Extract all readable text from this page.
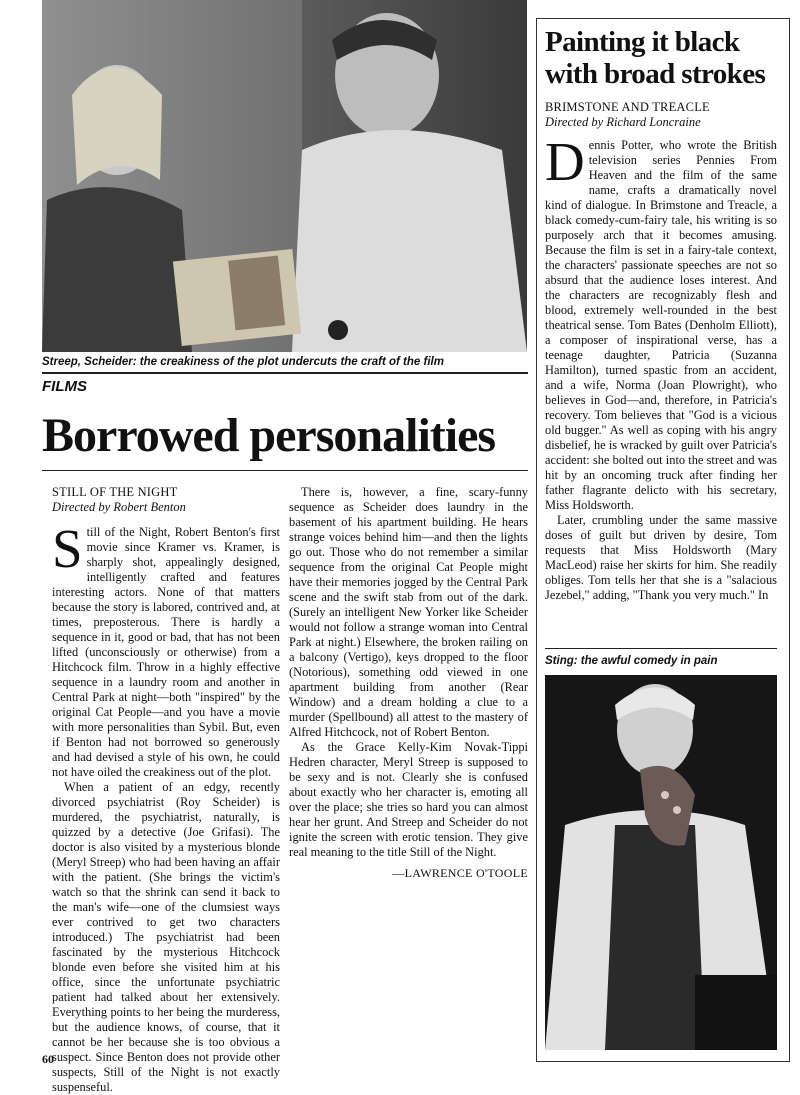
Streep, Scheider: the creakiness of the plot undercuts the craft of the film
FILMS
Borrowed personalities
STILL OF THE NIGHT
Directed by Robert Benton

Still of the Night, Robert Benton's first movie since Kramer vs. Kramer, is sharply shot, appealingly designed, intelligently crafted and features interesting actors. None of that matters because the story is labored, contrived and, at times, preposterous. There is hardly a sequence in it, good or bad, that has not been lifted (unconsciously or otherwise) from a Hitchcock film. Throw in a highly effective sequence in a laundry room and another in Central Park at night—both "inspired" by the original Cat People—and you have a movie with more personalities than Sybil. But, even if Benton had not borrowed so generously and had devised a style of his own, he could not have oiled the creakiness out of the plot.

When a patient of an edgy, recently divorced psychiatrist (Roy Scheider) is murdered, the psychiatrist, naturally, is quizzed by a detective (Joe Grifasi). The doctor is also visited by a mysterious blonde (Meryl Streep) who had been having an affair with the patient. (She brings the victim's watch so that the shrink can send it back to the man's wife—one of the clumsiest ways ever contrived to get two characters introduced.) The psychiatrist had been fascinated by the mysterious Hitchcock blonde even before she visited him at his office, since the unfortunate psychiatric patient had talked about her extensively. Everything points to her being the murderess, but the audience knows, of course, that it cannot be her because she is too obvious a suspect. Since Benton does not provide other suspects, Still of the Night is not exactly suspenseful.

There is, however, a fine, scary-funny sequence as Scheider does laundry in the basement of his apartment building. He hears strange voices behind him—and then the lights go out. Those who do not remember a similar sequence from the original Cat People might have their memories jogged by the Central Park scene and the swift stab from out of the dark. (Surely an intelligent New Yorker like Scheider would not follow a strange woman into Central Park at night.) Elsewhere, the broken railing on a balcony (Vertigo), keys dropped to the floor (Notorious), something odd viewed in one apartment building from another (Rear Window) and a dream holding a clue to a murder (Spellbound) all attest to the mastery of Alfred Hitchcock, not of Robert Benton.

As the Grace Kelly-Kim Novak-Tippi Hedren character, Meryl Streep is supposed to be sexy and is not. Clearly she is confused about exactly who her character is, emoting all over the place; she tries so hard you can almost hear her grunt. And Streep and Scheider do not ignite the screen with erotic tension. They give real meaning to the title Still of the Night.

—LAWRENCE O'TOOLE
Painting it black
with broad strokes
BRIMSTONE AND TREACLE
Directed by Richard Loncraine

Dennis Potter, who wrote the British television series Pennies From Heaven and the film of the same name, crafts a dramatically novel kind of dialogue. In Brimstone and Treacle, a black comedy-cum-fairy tale, his writing is so purposely arch that it becomes amusing. Because the film is set in a fairy-tale context, the characters' passionate speeches are not so absurd that the audience loses interest. And the characters are recognizably flesh and blood, extremely well-rounded in the best theatrical sense. Tom Bates (Denholm Elliott), a composer of inspirational verse, has a teenage daughter, Patricia (Suzanna Hamilton), turned spastic from an accident, and a wife, Norma (Joan Plowright), who believes in God—and, therefore, in Patricia's recovery. Tom believes that "God is a vicious old bugger." As well as coping with his angry disbelief, he is wracked by guilt over Patricia's accident: she bolted out into the street and was hit by an oncoming truck after finding her father flagrante delicto with his secretary, Miss Holdsworth.

Later, crumbling under the same massive doses of guilt but driven by desire, Tom requests that Miss Holdsworth (Mary MacLeod) raise her skirts for him. She readily obliges. Tom tells her that she is a "salacious Jezebel," adding, "Thank you very much." In

Sting: the awful comedy in pain
60
